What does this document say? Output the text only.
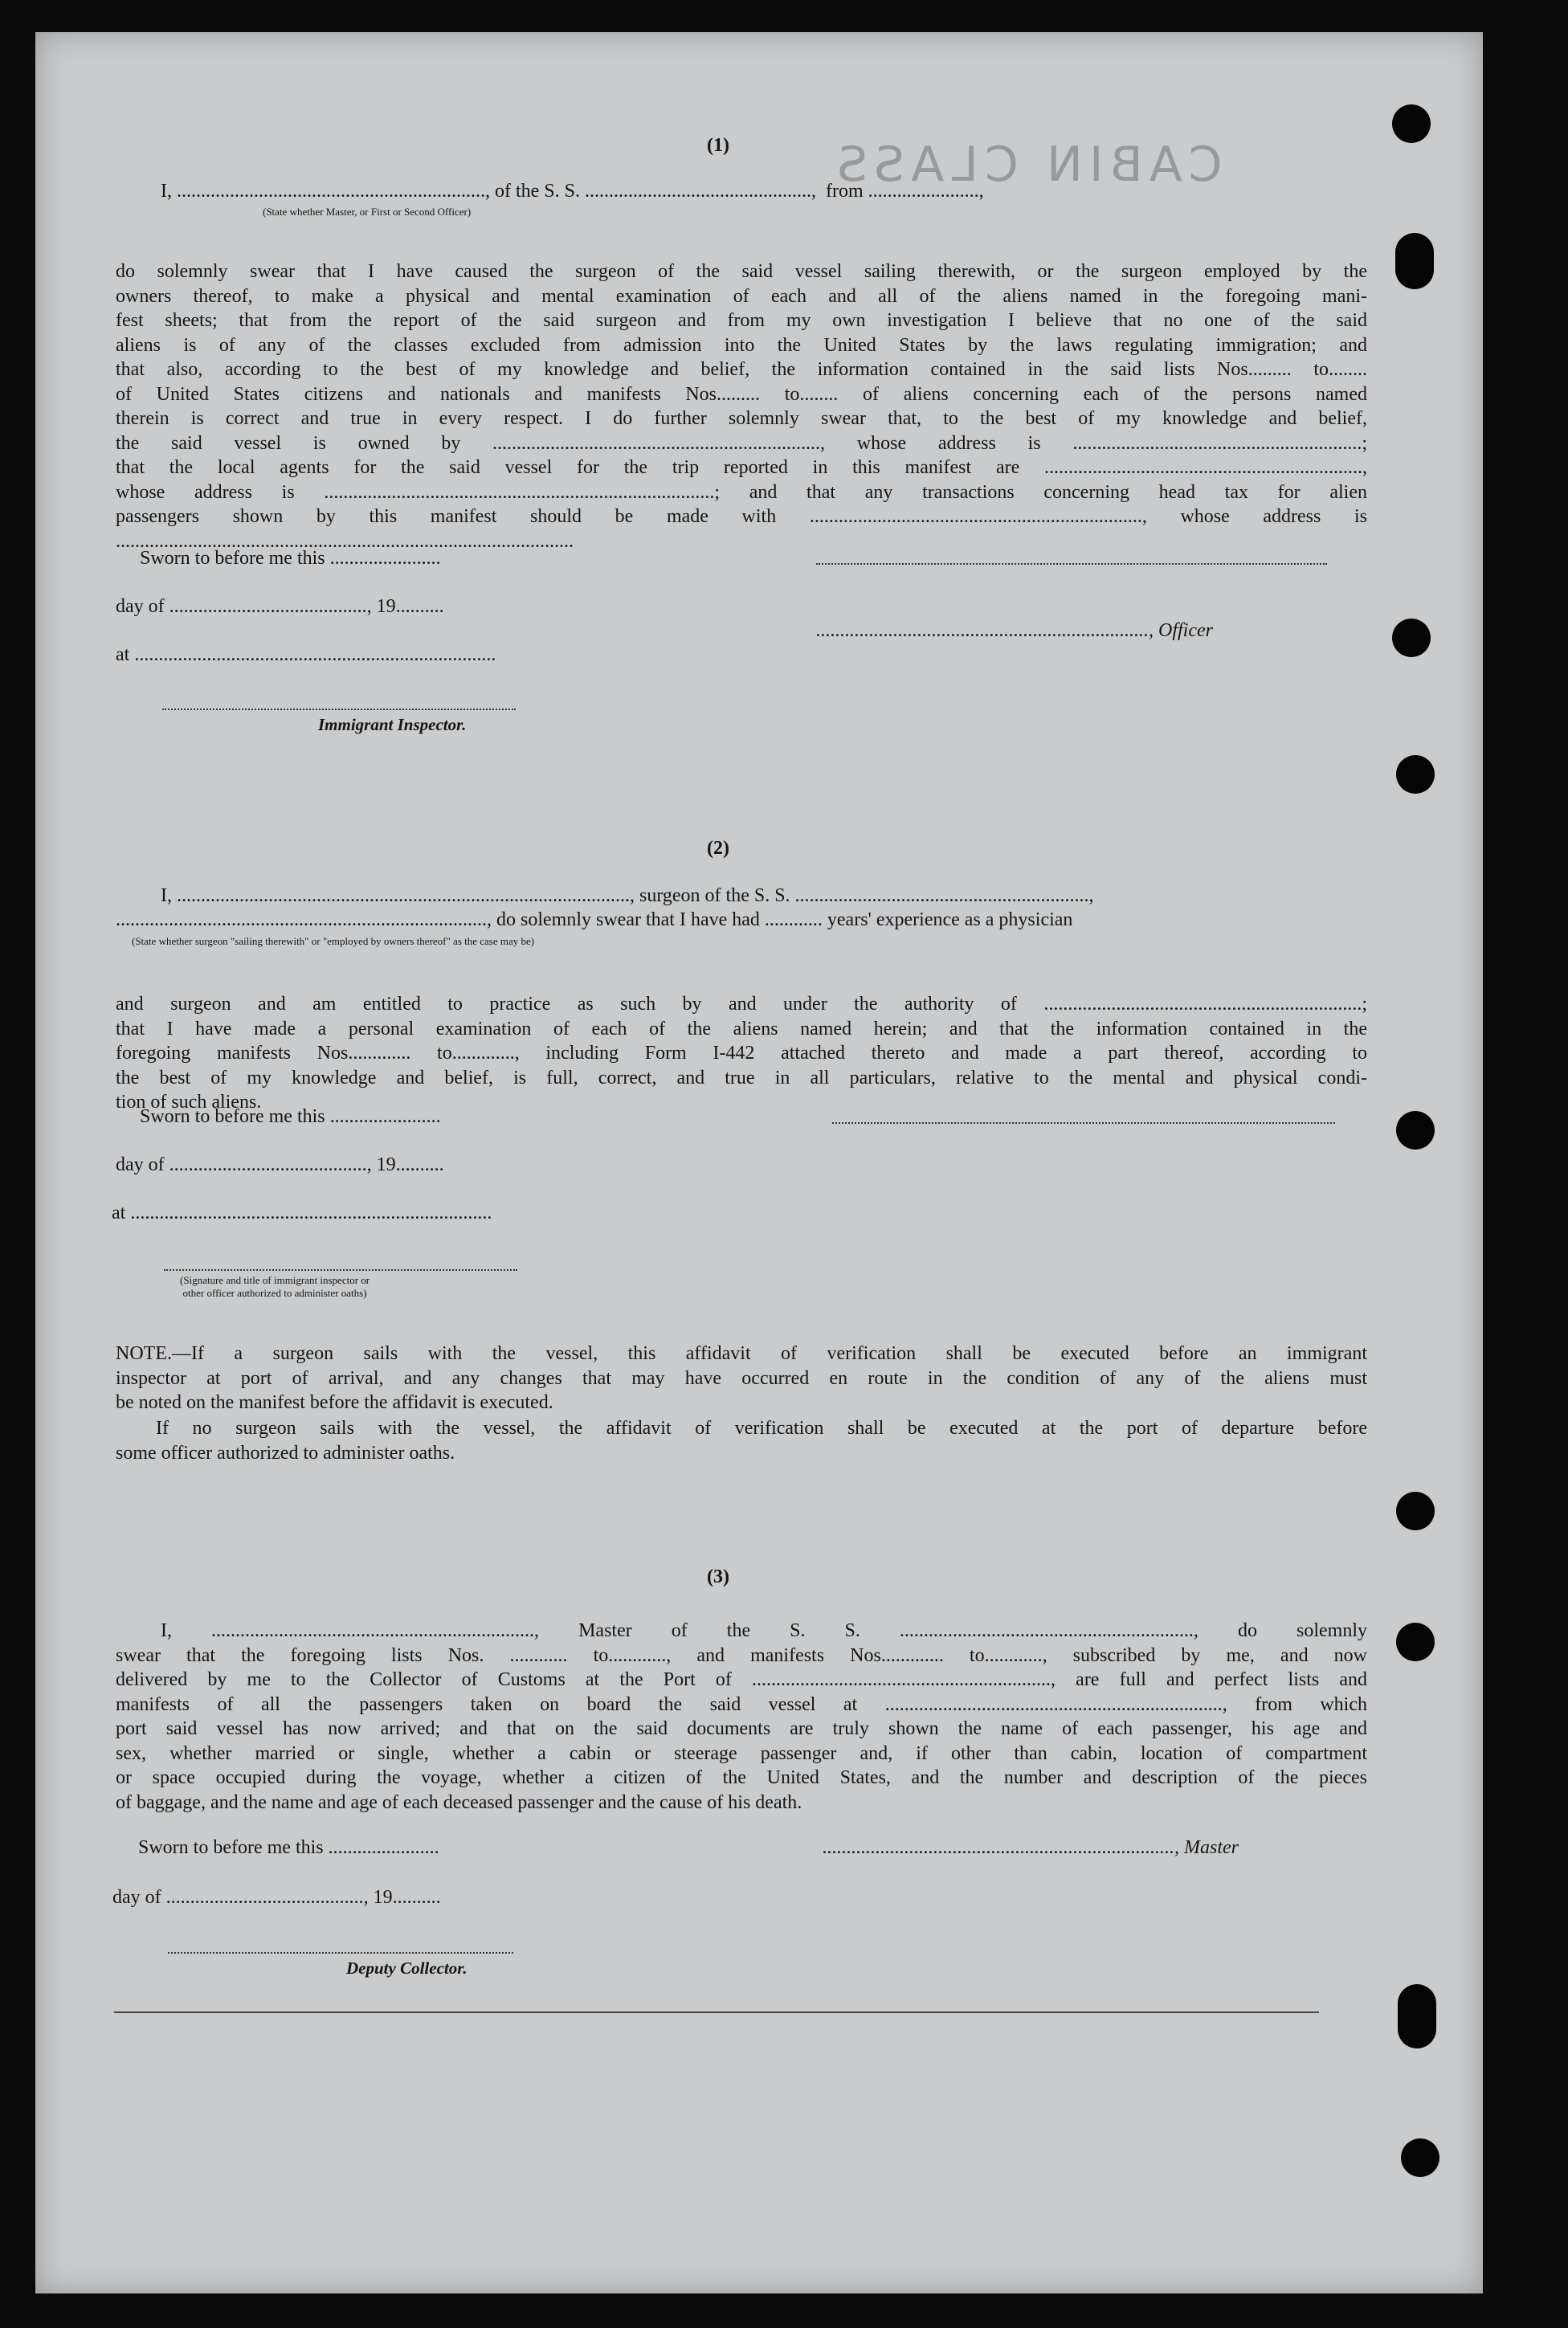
CABIN CLASS
(1)
I, ................................................................, of the S. S. ...............................................,  from .......................,
(State whether Master, or First or Second Officer)
do solemnly swear that I have caused the surgeon of the said vessel sailing therewith, or the surgeon employed by the
owners thereof, to make a physical and mental examination of each and all of the aliens named in the foregoing mani-
fest sheets; that from the report of the said surgeon and from my own investigation I believe that no one of the said
aliens is of any of the classes excluded from admission into the United States by the laws regulating immigration; and
that also, according to the best of my knowledge and belief, the information contained in the said lists Nos......... to........
of United States citizens and nationals and manifests Nos......... to........ of aliens concerning each of the persons named
therein is correct and true in every respect. I do further solemnly swear that, to the best of my knowledge and belief,
the said vessel is owned by ...................................................................., whose address is ............................................................;
that the local agents for the said vessel for the trip reported in this manifest are ..................................................................,
whose address is .................................................................................; and that any transactions concerning head tax for alien
passengers shown by this manifest should be made with ....................................................................., whose address is
...............................................................................................
Sworn to before me this .......................
day of ........................................., 19..........
at ...........................................................................
....................................................................., Officer
Immigrant Inspector.
(2)
I, .............................................................................................., surgeon of the S. S. .............................................................,
............................................................................., do solemnly swear that I have had ............ years' experience as a physician
(State whether surgeon "sailing therewith" or "employed by owners thereof" as the case may be)
and surgeon and am entitled to practice as such by and under the authority of ..................................................................;
that I have made a personal examination of each of the aliens named herein; and that the information contained in the
foregoing manifests Nos............. to............., including Form I-442 attached thereto and made a part thereof, according to
the best of my knowledge and belief, is full, correct, and true in all particulars, relative to the mental and physical condi-
tion of such aliens.
Sworn to before me this .......................
day of ........................................., 19..........
at ...........................................................................
(Signature and title of immigrant inspector or
other officer authorized to administer oaths)
NOTE.—If a surgeon sails with the vessel, this affidavit of verification shall be executed before an immigrant
inspector at port of arrival, and any changes that may have occurred en route in the condition of any of the aliens must
be noted on the manifest before the affidavit is executed.
If no surgeon sails with the vessel, the affidavit of verification shall be executed at the port of departure before
some officer authorized to administer oaths.
(3)
I, ..................................................................., Master of the S. S. ............................................................., do solemnly
swear that the foregoing lists Nos. ............ to............, and manifests Nos............. to............, subscribed by me, and now
delivered by me to the Collector of Customs at the Port of .............................................................., are full and perfect lists and
manifests of all the passengers taken on board the said vessel at ......................................................................, from which
port said vessel has now arrived; and that on the said documents are truly shown the name of each passenger, his age and
sex, whether married or single, whether a cabin or steerage passenger and, if other than cabin, location of compartment
or space occupied during the voyage, whether a citizen of the United States, and the number and description of the pieces
of baggage, and the name and age of each deceased passenger and the cause of his death.
Sworn to before me this .......................	........................................................................., Master
day of ........................................., 19..........
Deputy Collector.
